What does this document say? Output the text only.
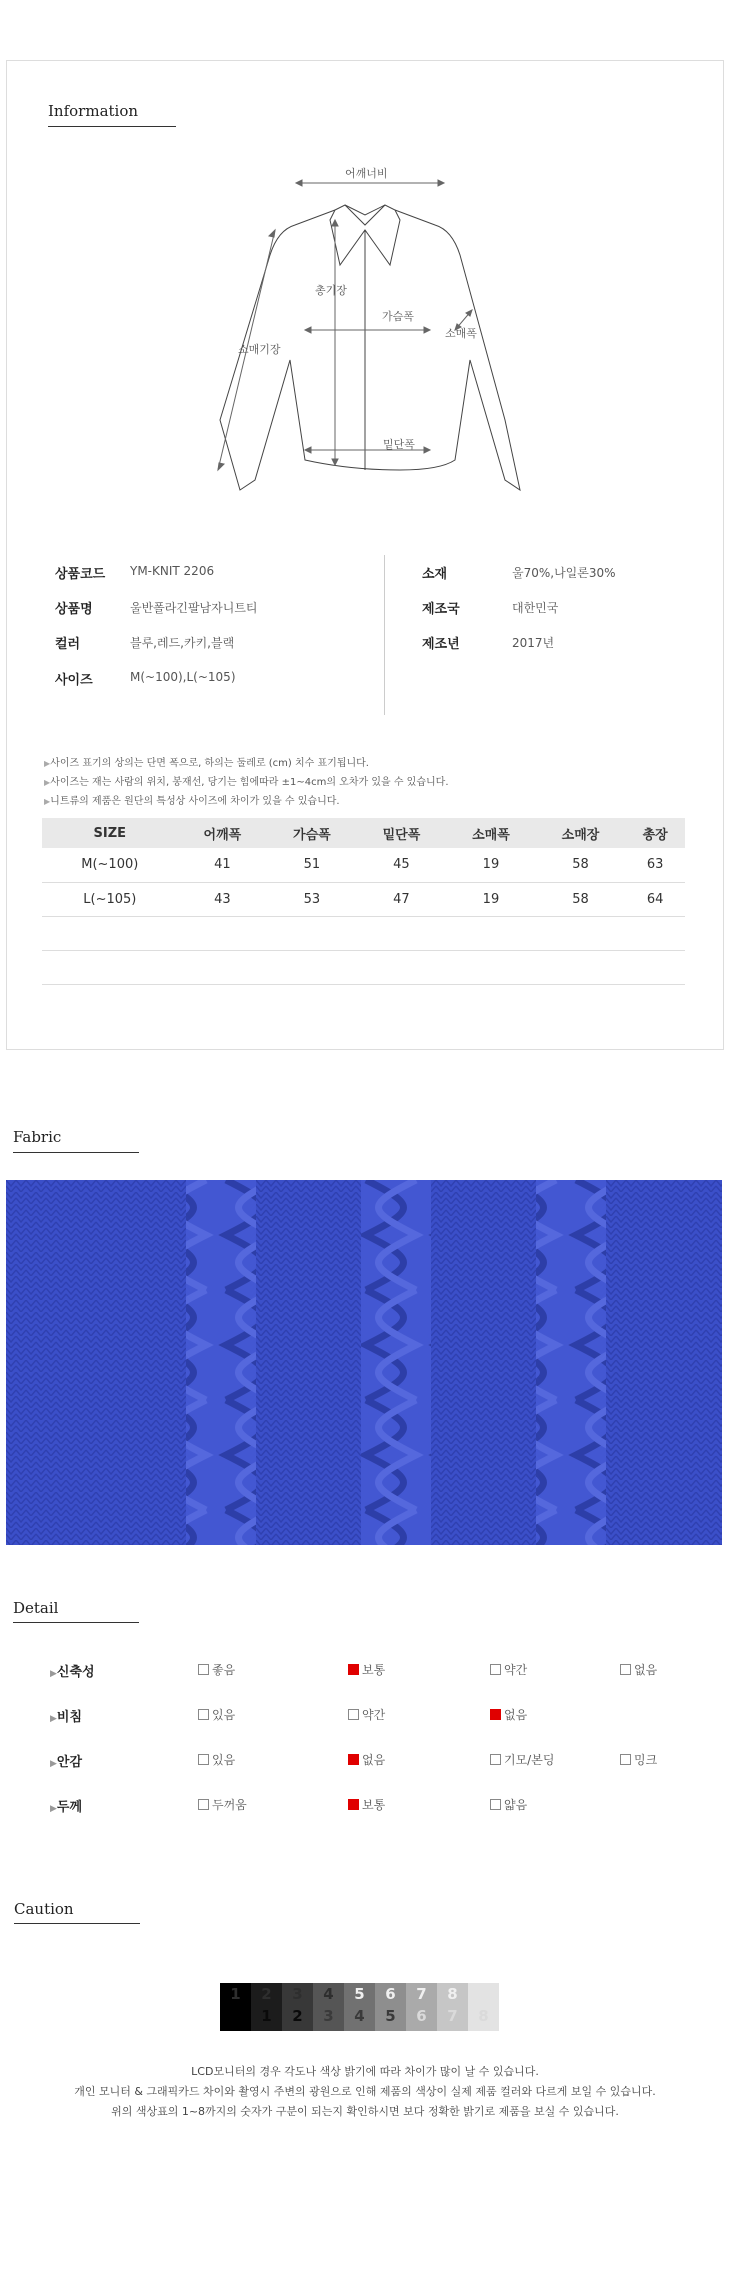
Information
어깨너비
총기장
가슴폭
소매기장
소매폭
밑단폭
상품코드 YM-KNIT 2206
상품명	울반폴라긴팔남자니트티
컬러	블루,레드,카키,블랙
사이즈	M(~100),L(~105)
소재	울70%,나일론30%
제조국	대한민국
제조년	2017년
▶ 사이즈 표기의 상의는 단면 폭으로, 하의는 둘레로 (cm) 치수 표기됩니다.
▶ 사이즈는 재는 사람의 위치, 봉재선, 당기는 힘에따라 ±1~4cm의 오차가 있을 수 있습니다.
▶ 니트류의 제품은 원단의 특성상 사이즈에 차이가 있을 수 있습니다.
SIZE	어깨폭	가슴폭	밑단폭	소매폭	소매장	총장
M(~100)	41	51	45	19	58	63
L(~105)	43	53	47	19	58	64

Fabric
Detail
▶ 신축성	좋음	보통	약간	없음
▶ 비침	있음	약간	없음
▶ 안감	있음	없음	기모/본딩	밍크
▶ 두께	두꺼움	보통	얇음
Caution
1	2
1
3
2
4
3
5
4
6
5
7
6
8
7	8
LCD모니터의 경우 각도나 색상 밝기에 따라 차이가 많이 날 수 있습니다.
개인 모니터 & 그래픽카드 차이와 촬영시 주변의 광원으로 인해 제품의 색상이 실제 제품 컬러와 다르게 보일 수 있습니다.
위의 색상표의 1~8까지의 숫자가 구분이 되는지 확인하시면 보다 정확한 밝기로 제품을 보실 수 있습니다.
